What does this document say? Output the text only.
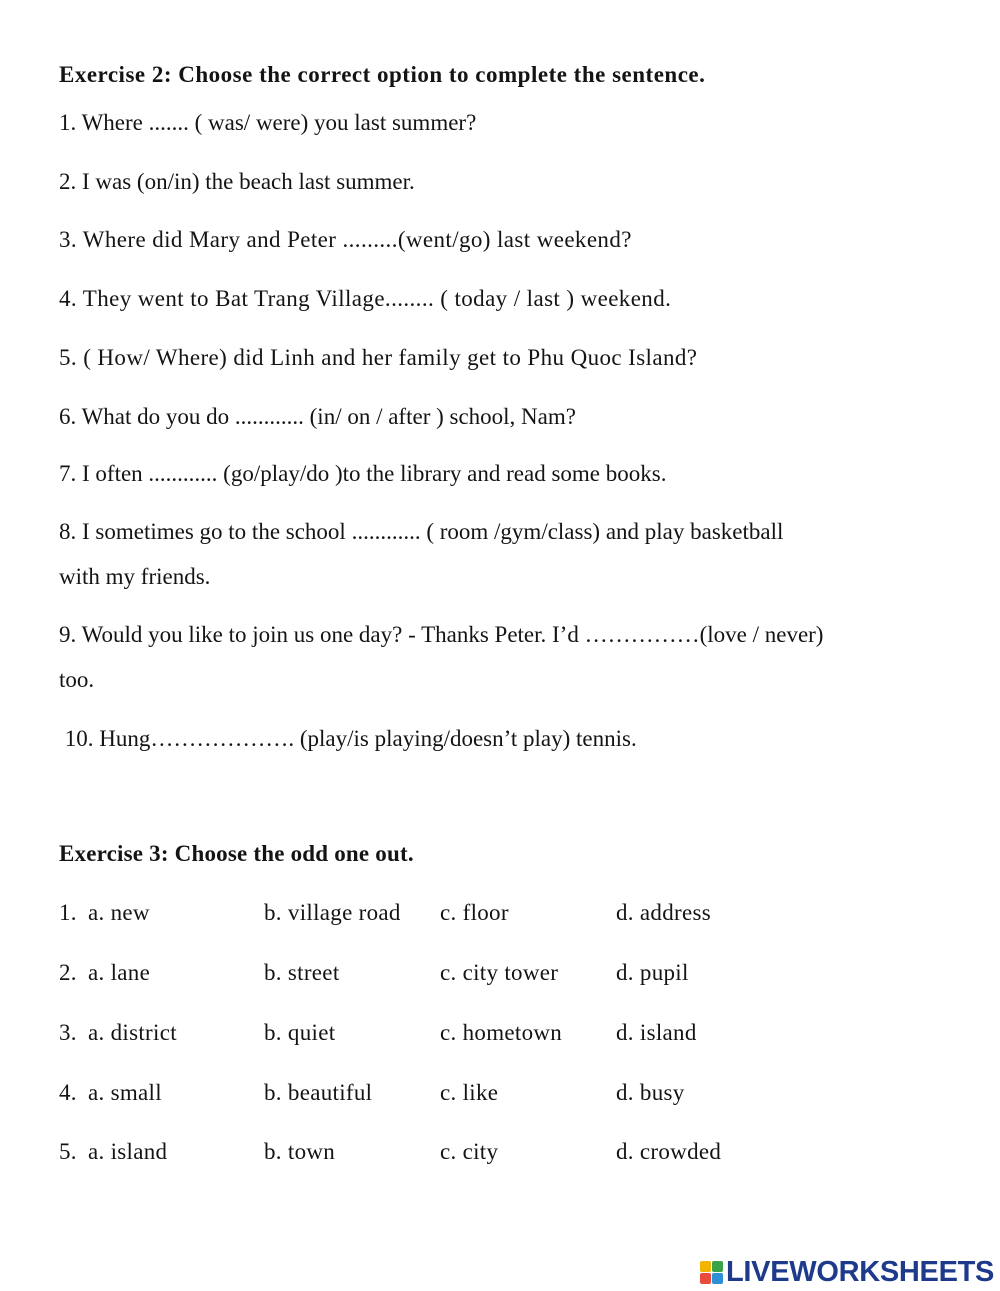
Exercise 2: Choose the correct option to complete the sentence.
1. Where ....... ( was/ were) you last summer?
2. I was (on/in) the beach last summer.
3. Where did Mary and Peter .........(went/go) last weekend?
4. They went to Bat Trang Village........ ( today / last ) weekend.
5. ( How/ Where) did Linh and her family get to Phu Quoc Island?
6. What do you do ............ (in/ on / after ) school, Nam?
7. I often ............ (go/play/do )to the library and read some books.
8. I sometimes go to the school ............ ( room /gym/class) and play basketball
with my friends.
9. Would you like to join us one day? - Thanks Peter. I’d ……………(love / never)
too.
10. Hung………………. (play/is playing/doesn’t play) tennis.
Exercise 3: Choose the odd one out.
1. a. new	b. village road c. floor	d. address
2. a. lane	b. street	c. city tower	d. pupil
3. a. district	b. quiet	c. hometown d. island
4. a. small	b. beautiful	c. like	d. busy
5. a. island	b. town	c. city	d. crowded
LIVEWORKSHEETS
